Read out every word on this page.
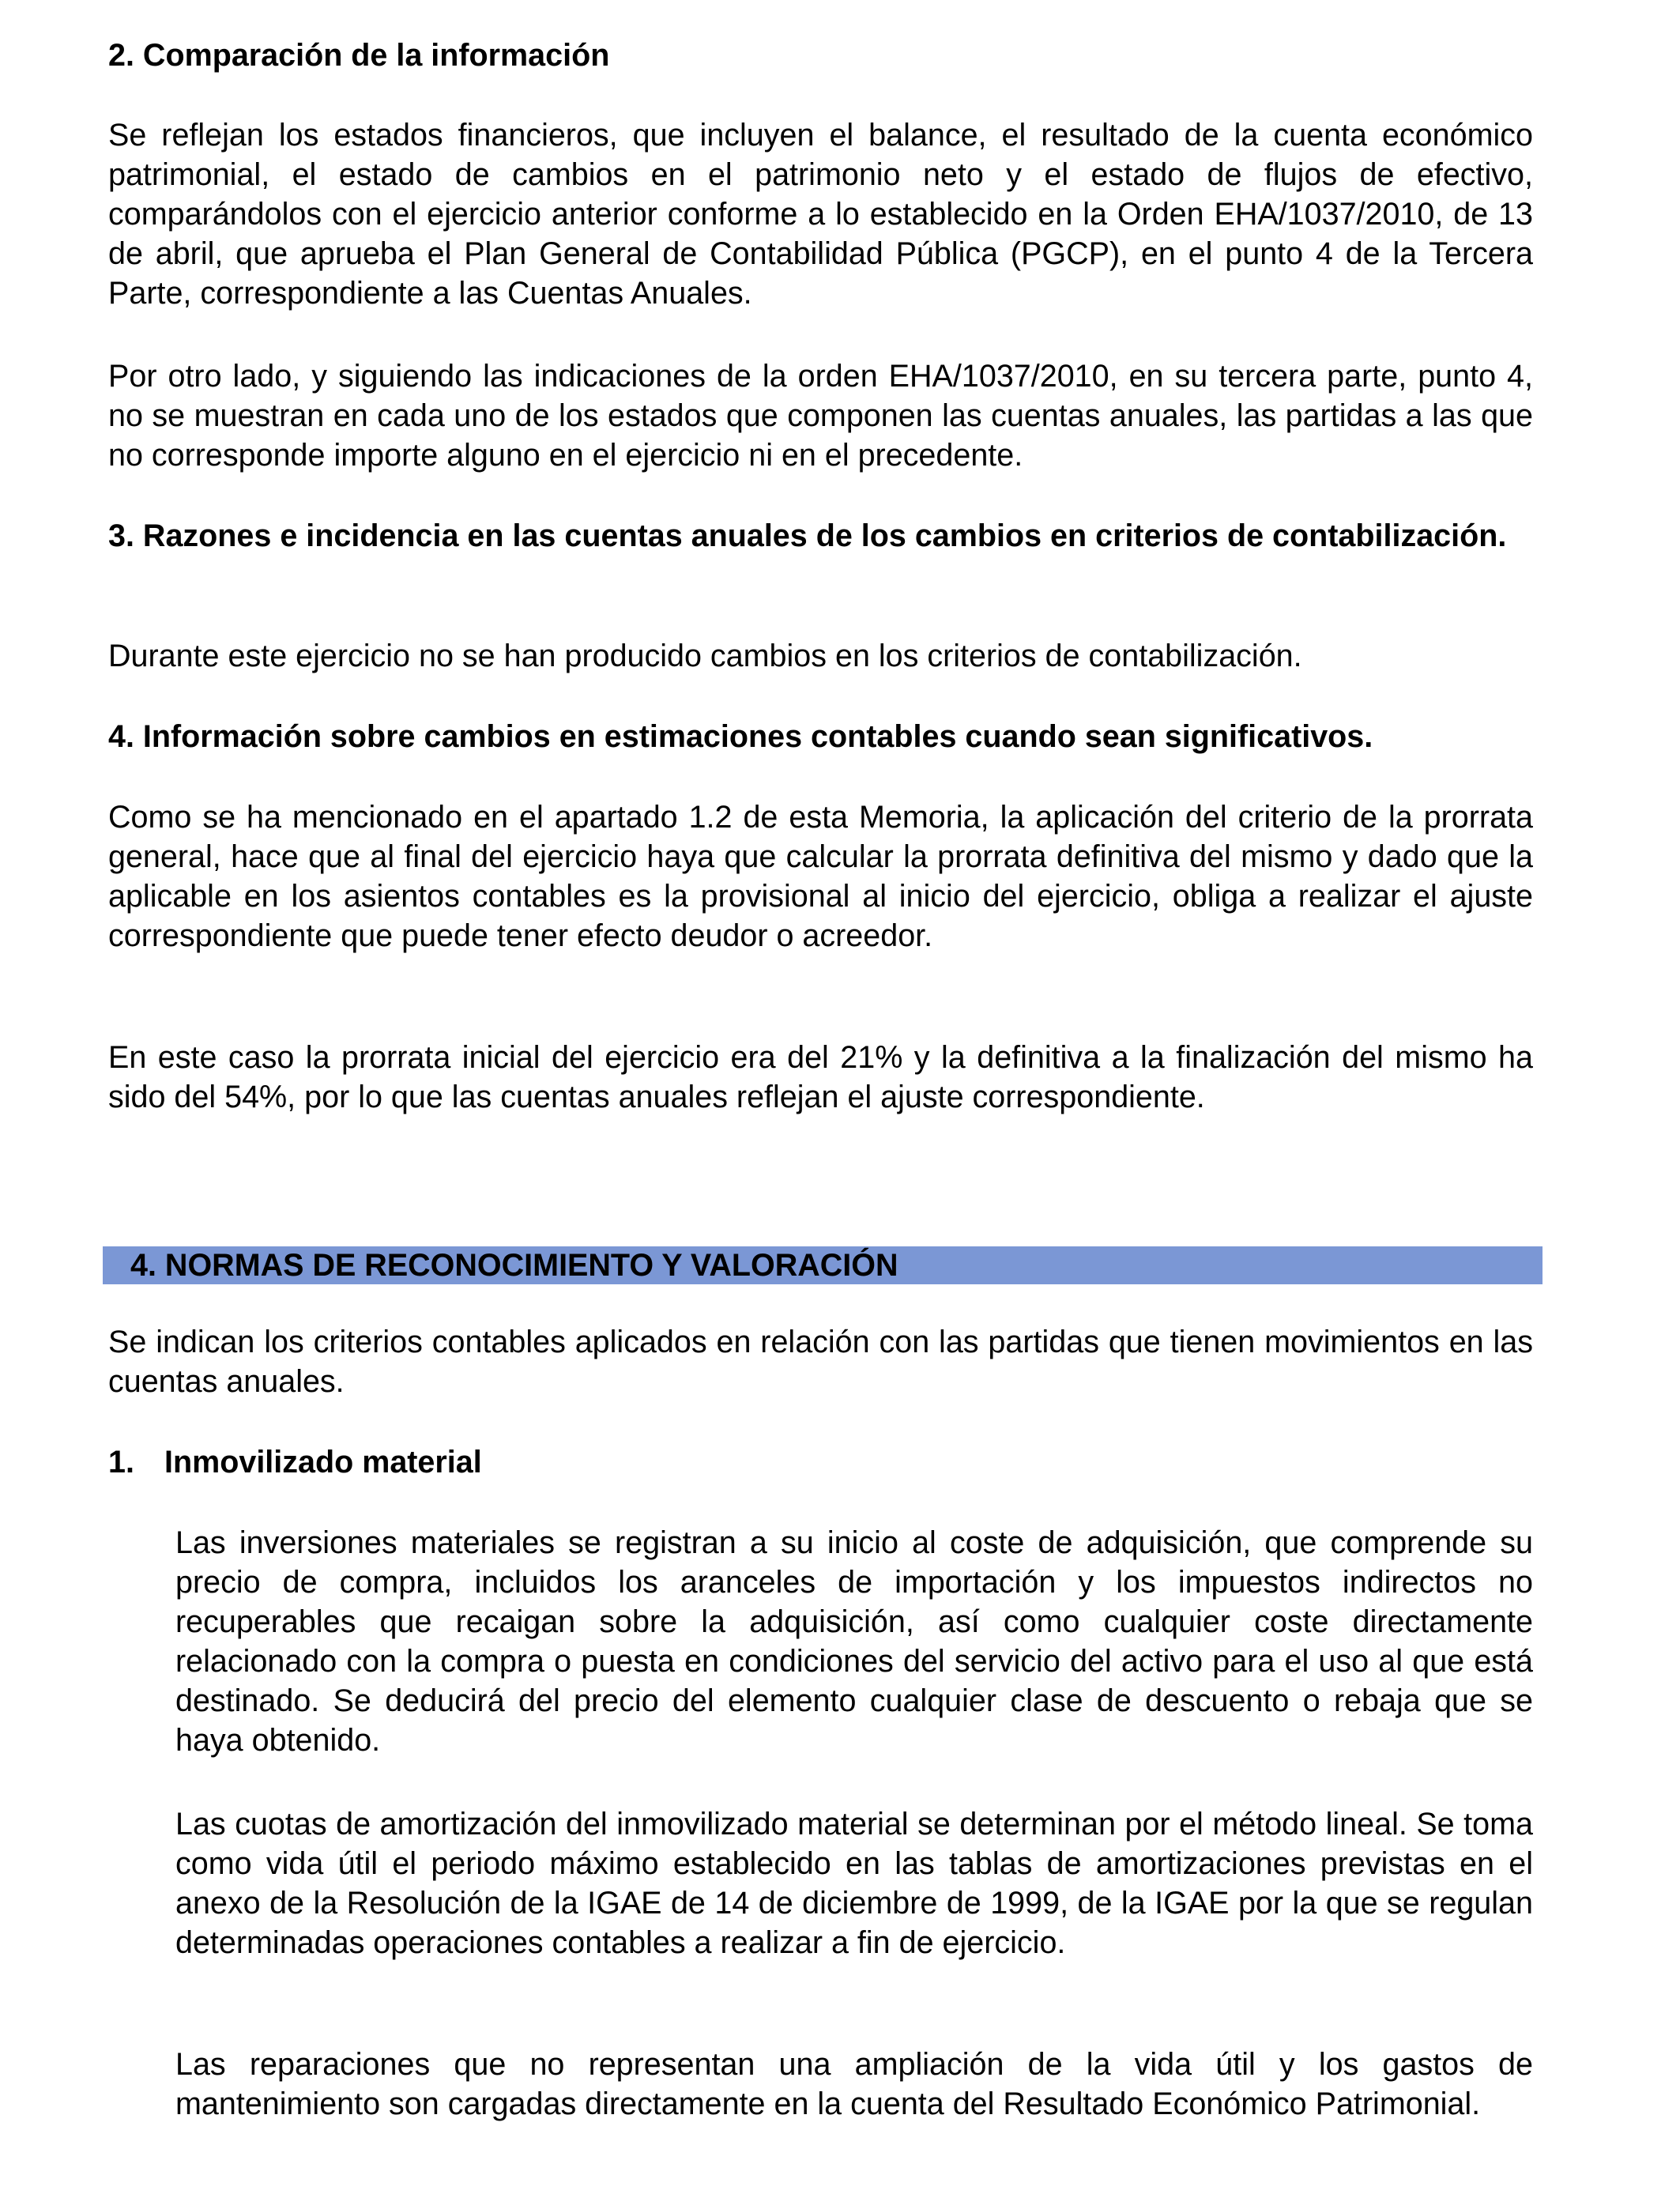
2. Comparación de la información

Se reflejan los estados financieros, que incluyen el balance, el resultado de la cuenta económico patrimonial, el estado de cambios en el patrimonio neto y el estado de flujos de efectivo, comparándolos con el ejercicio anterior conforme a lo establecido en la Orden EHA/1037/2010, de 13 de abril, que aprueba el Plan General de Contabilidad Pública (PGCP), en el punto 4 de la Tercera Parte, correspondiente a las Cuentas Anuales.

Por otro lado, y siguiendo las indicaciones de la orden EHA/1037/2010, en su tercera parte, punto 4, no se muestran en cada uno de los estados que componen las cuentas anuales, las partidas a las que no corresponde importe alguno en el ejercicio ni en el precedente.

3. Razones e incidencia en las cuentas anuales de los cambios en criterios de contabilización.

Durante este ejercicio no se han producido cambios en los criterios de contabilización.

4. Información sobre cambios en estimaciones contables cuando sean significativos.

Como se ha mencionado en el apartado 1.2 de esta Memoria, la aplicación del criterio de la prorrata general, hace que al final del ejercicio haya que calcular la prorrata definitiva del mismo y dado que la aplicable en los asientos contables es la provisional al inicio del ejercicio, obliga a realizar el ajuste correspondiente que puede tener efecto deudor o acreedor.

En este caso la prorrata inicial del ejercicio era del 21% y la definitiva a la finalización del mismo ha sido del 54%, por lo que las cuentas anuales reflejan el ajuste correspondiente.

4. NORMAS DE RECONOCIMIENTO Y VALORACIÓN

Se indican los criterios contables aplicados en relación con las partidas que tienen movimientos en las cuentas anuales.

1. Inmovilizado material

Las inversiones materiales se registran a su inicio al coste de adquisición, que comprende su precio de compra, incluidos los aranceles de importación y los impuestos indirectos no recuperables que recaigan sobre la adquisición, así como cualquier coste directamente relacionado con la compra o puesta en condiciones del servicio del activo para el uso al que está destinado. Se deducirá del precio del elemento cualquier clase de descuento o rebaja que se haya obtenido.

Las cuotas de amortización del inmovilizado material se determinan por el método lineal. Se toma como vida útil el periodo máximo establecido en las tablas de amortizaciones previstas en el anexo de la Resolución de la IGAE de 14 de diciembre de 1999, de la IGAE por la que se regulan determinadas operaciones contables a realizar a fin de ejercicio.

Las reparaciones que no representan una ampliación de la vida útil y los gastos de mantenimiento son cargadas directamente en la cuenta del Resultado Económico Patrimonial.
